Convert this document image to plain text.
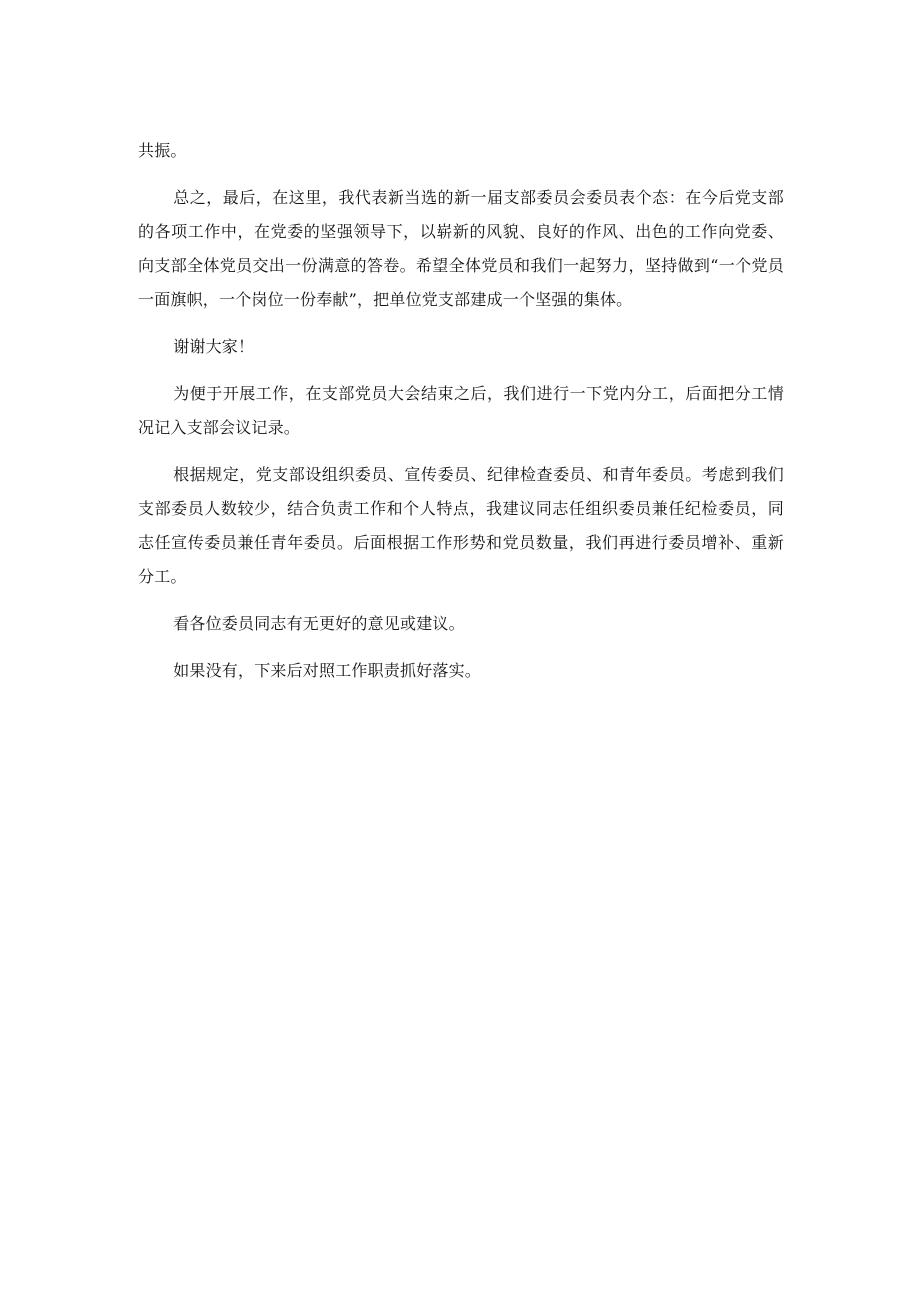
共振。

总之，最后，在这里，我代表新当选的新一届支部委员会委员表个态：在今后党支部的各项工作中，在党委的坚强领导下，以崭新的风貌、良好的作风、出色的工作向党委、向支部全体党员交出一份满意的答卷。希望全体党员和我们一起努力，坚持做到“一个党员一面旗帜，一个岗位一份奉献”，把单位党支部建成一个坚强的集体。

谢谢大家！

为便于开展工作，在支部党员大会结束之后，我们进行一下党内分工，后面把分工情况记入支部会议记录。

根据规定，党支部设组织委员、宣传委员、纪律检查委员、和青年委员。考虑到我们支部委员人数较少，结合负责工作和个人特点，我建议同志任组织委员兼任纪检委员，同志任宣传委员兼任青年委员。后面根据工作形势和党员数量，我们再进行委员增补、重新分工。

看各位委员同志有无更好的意见或建议。

如果没有，下来后对照工作职责抓好落实。
